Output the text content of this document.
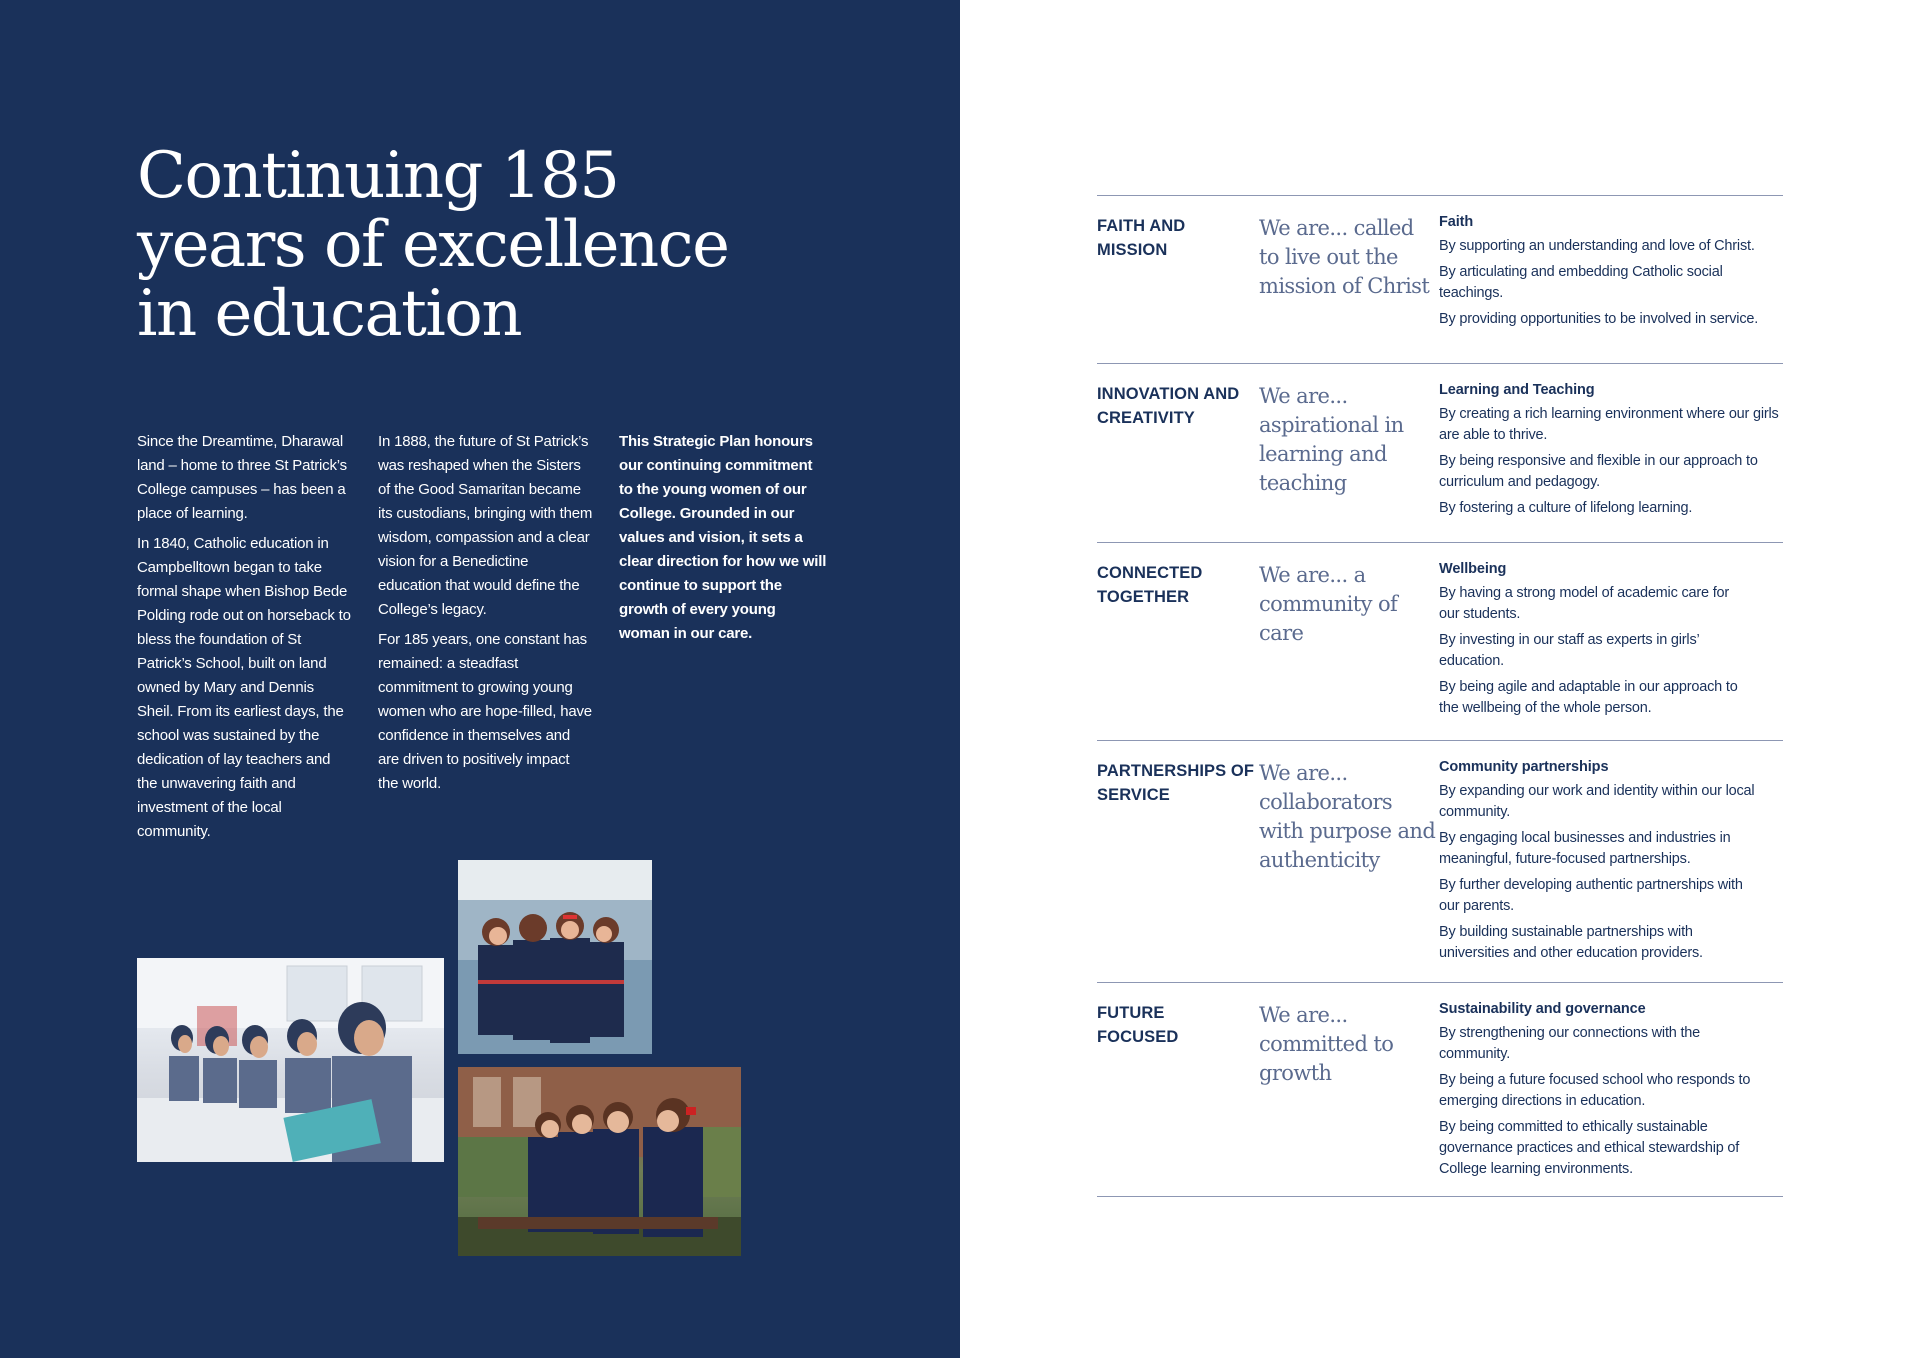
Continuing 185 years of excellence in education

Since the Dreamtime, Dharawal land – home to three St Patrick’s College campuses – has been a place of learning.

In 1840, Catholic education in Campbelltown began to take formal shape when Bishop Bede Polding rode out on horseback to bless the foundation of St Patrick’s School, built on land owned by Mary and Dennis Sheil. From its earliest days, the school was sustained by the dedication of lay teachers and the unwavering faith and investment of the local community.

In 1888, the future of St Patrick’s was reshaped when the Sisters of the Good Samaritan became its custodians, bringing with them wisdom, compassion and a clear vision for a Benedictine education that would define the College’s legacy.

For 185 years, one constant has remained: a steadfast commitment to growing young women who are hope-filled, have confidence in themselves and are driven to positively impact the world.

This Strategic Plan honours our continuing commitment to the young women of our College. Grounded in our values and vision, it sets a clear direction for how we will continue to support the growth of every young woman in our care.

FAITH AND MISSION
We are... called to live out the mission of Christ
Faith
By supporting an understanding and love of Christ.
By articulating and embedding Catholic social teachings.
By providing opportunities to be involved in service.
INNOVATION AND CREATIVITY
We are... aspirational in learning and teaching
Learning and Teaching
By creating a rich learning environment where our girls are able to thrive.
By being responsive and flexible in our approach to curriculum and pedagogy.
By fostering a culture of lifelong learning.
CONNECTED TOGETHER
We are... a community of care
Wellbeing
By having a strong model of academic care for our students.
By investing in our staff as experts in girls’ education.
By being agile and adaptable in our approach to the wellbeing of the whole person.
PARTNERSHIPS OF SERVICE
We are... collaborators with purpose and authenticity
Community partnerships
By expanding our work and identity within our local community.
By engaging local businesses and industries in meaningful, future-focused partnerships.
By further developing authentic partnerships with our parents.
By building sustainable partnerships with universities and other education providers.
FUTURE FOCUSED
We are... committed to growth
Sustainability and governance
By strengthening our connections with the community.
By being a future focused school who responds to emerging directions in education.
By being committed to ethically sustainable governance practices and ethical stewardship of College learning environments.
